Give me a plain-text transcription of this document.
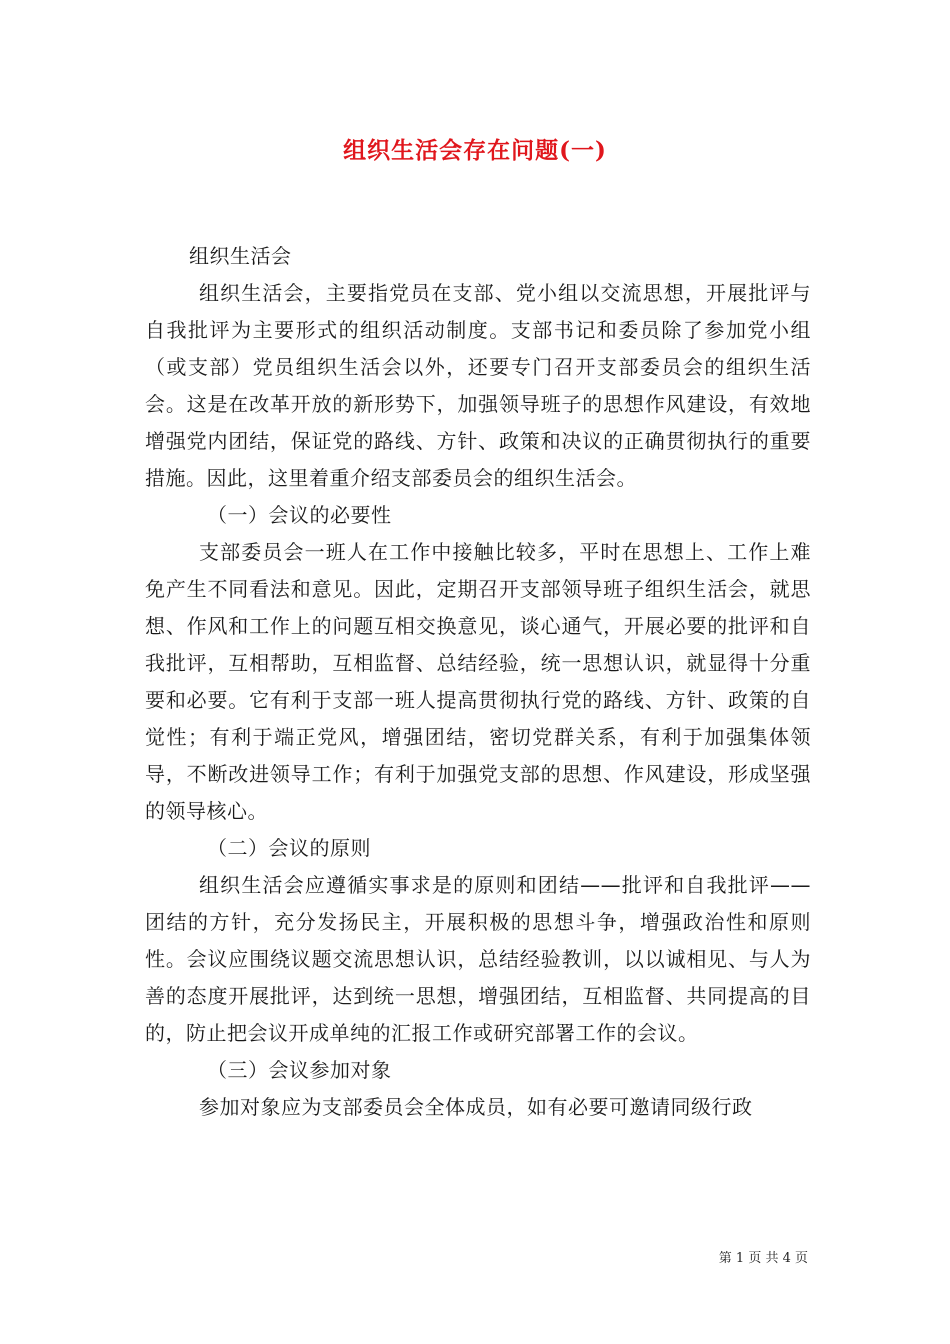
组织生活会存在问题(一)

组织生活会

组织生活会，主要指党员在支部、党小组以交流思想，开展批评与自我批评为主要形式的组织活动制度。支部书记和委员除了参加党小组（或支部）党员组织生活会以外，还要专门召开支部委员会的组织生活会。这是在改革开放的新形势下，加强领导班子的思想作风建设，有效地增强党内团结，保证党的路线、方针、政策和决议的正确贯彻执行的重要措施。因此，这里着重介绍支部委员会的组织生活会。

（一）会议的必要性

支部委员会一班人在工作中接触比较多，平时在思想上、工作上难免产生不同看法和意见。因此，定期召开支部领导班子组织生活会，就思想、作风和工作上的问题互相交换意见，谈心通气，开展必要的批评和自我批评，互相帮助，互相监督、总结经验，统一思想认识，就显得十分重要和必要。它有利于支部一班人提高贯彻执行党的路线、方针、政策的自觉性；有利于端正党风，增强团结，密切党群关系，有利于加强集体领导，不断改进领导工作；有利于加强党支部的思想、作风建设，形成坚强的领导核心。

（二）会议的原则

组织生活会应遵循实事求是的原则和团结——批评和自我批评——团结的方针，充分发扬民主，开展积极的思想斗争，增强政治性和原则性。会议应围绕议题交流思想认识，总结经验教训，以以诚相见、与人为善的态度开展批评，达到统一思想，增强团结，互相监督、共同提高的目的，防止把会议开成单纯的汇报工作或研究部署工作的会议。

（三）会议参加对象

参加对象应为支部委员会全体成员，如有必要可邀请同级行政

第 1 页 共 4 页
